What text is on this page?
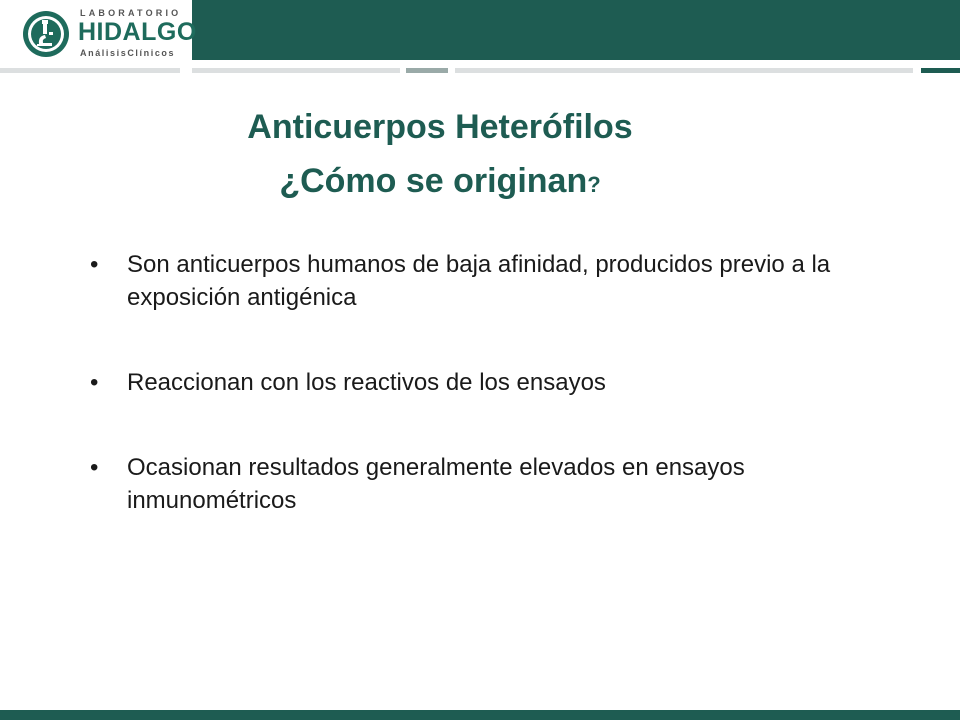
LABORATORIO
HIDALGO
AnálisisClínicos
Anticuerpos Heterófilos
¿Cómo se originan?
• Son anticuerpos humanos de baja afinidad, producidos previo a la exposición antigénica
• Reaccionan con los reactivos de los ensayos
• Ocasionan resultados generalmente elevados en ensayos inmunométricos
